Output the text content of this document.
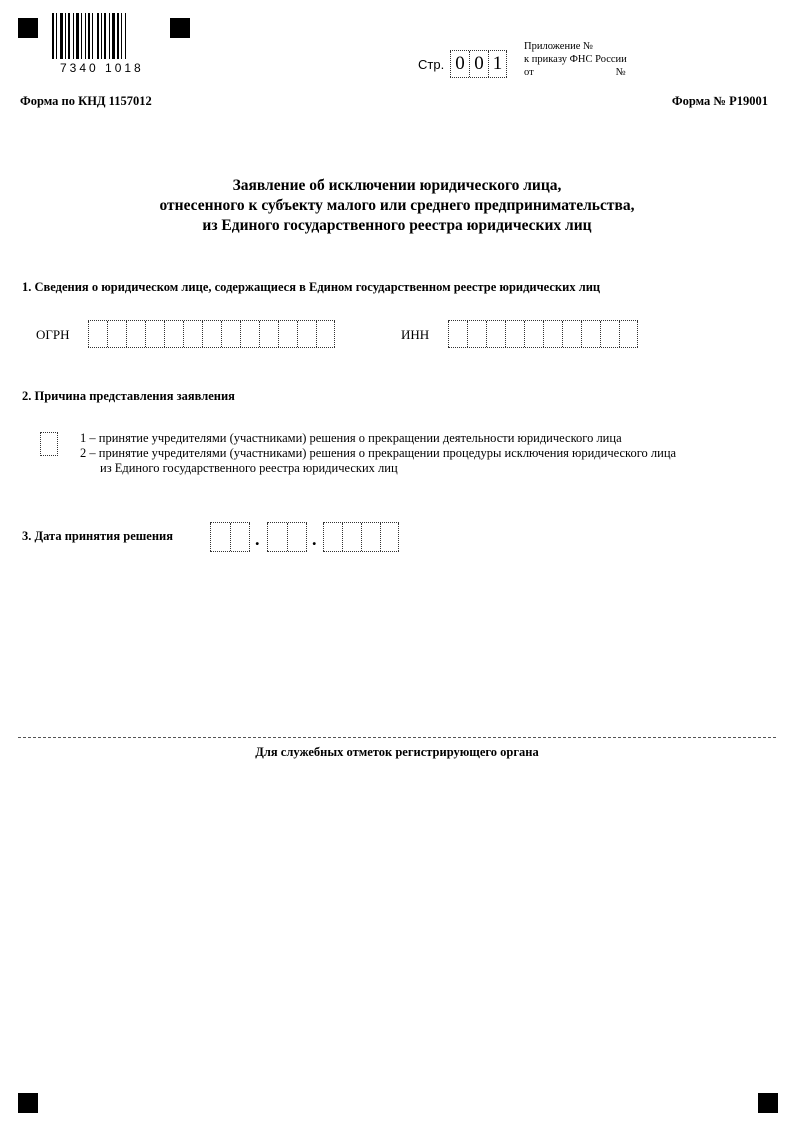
7340 1018	Стр. 0 0 1
Приложение №
к приказу ФНС России
от	№
Форма по КНД 1157012	Форма № Р19001
Заявление об исключении юридического лица,
отнесенного к субъекту малого или среднего предпринимательства,
из Единого государственного реестра юридических лиц
1. Сведения о юридическом лице, содержащиеся в Едином государственном реестре юридических лиц
ОГРН	ИНН
2. Причина представления заявления
1 – принятие учредителями (участниками) решения о прекращении деятельности юридического лица
2 – принятие учредителями (участниками) решения о прекращении процедуры исключения юридического лица
из Единого государственного реестра юридических лиц
3. Дата принятия решения	.	.
Для служебных отметок регистрирующего органа
